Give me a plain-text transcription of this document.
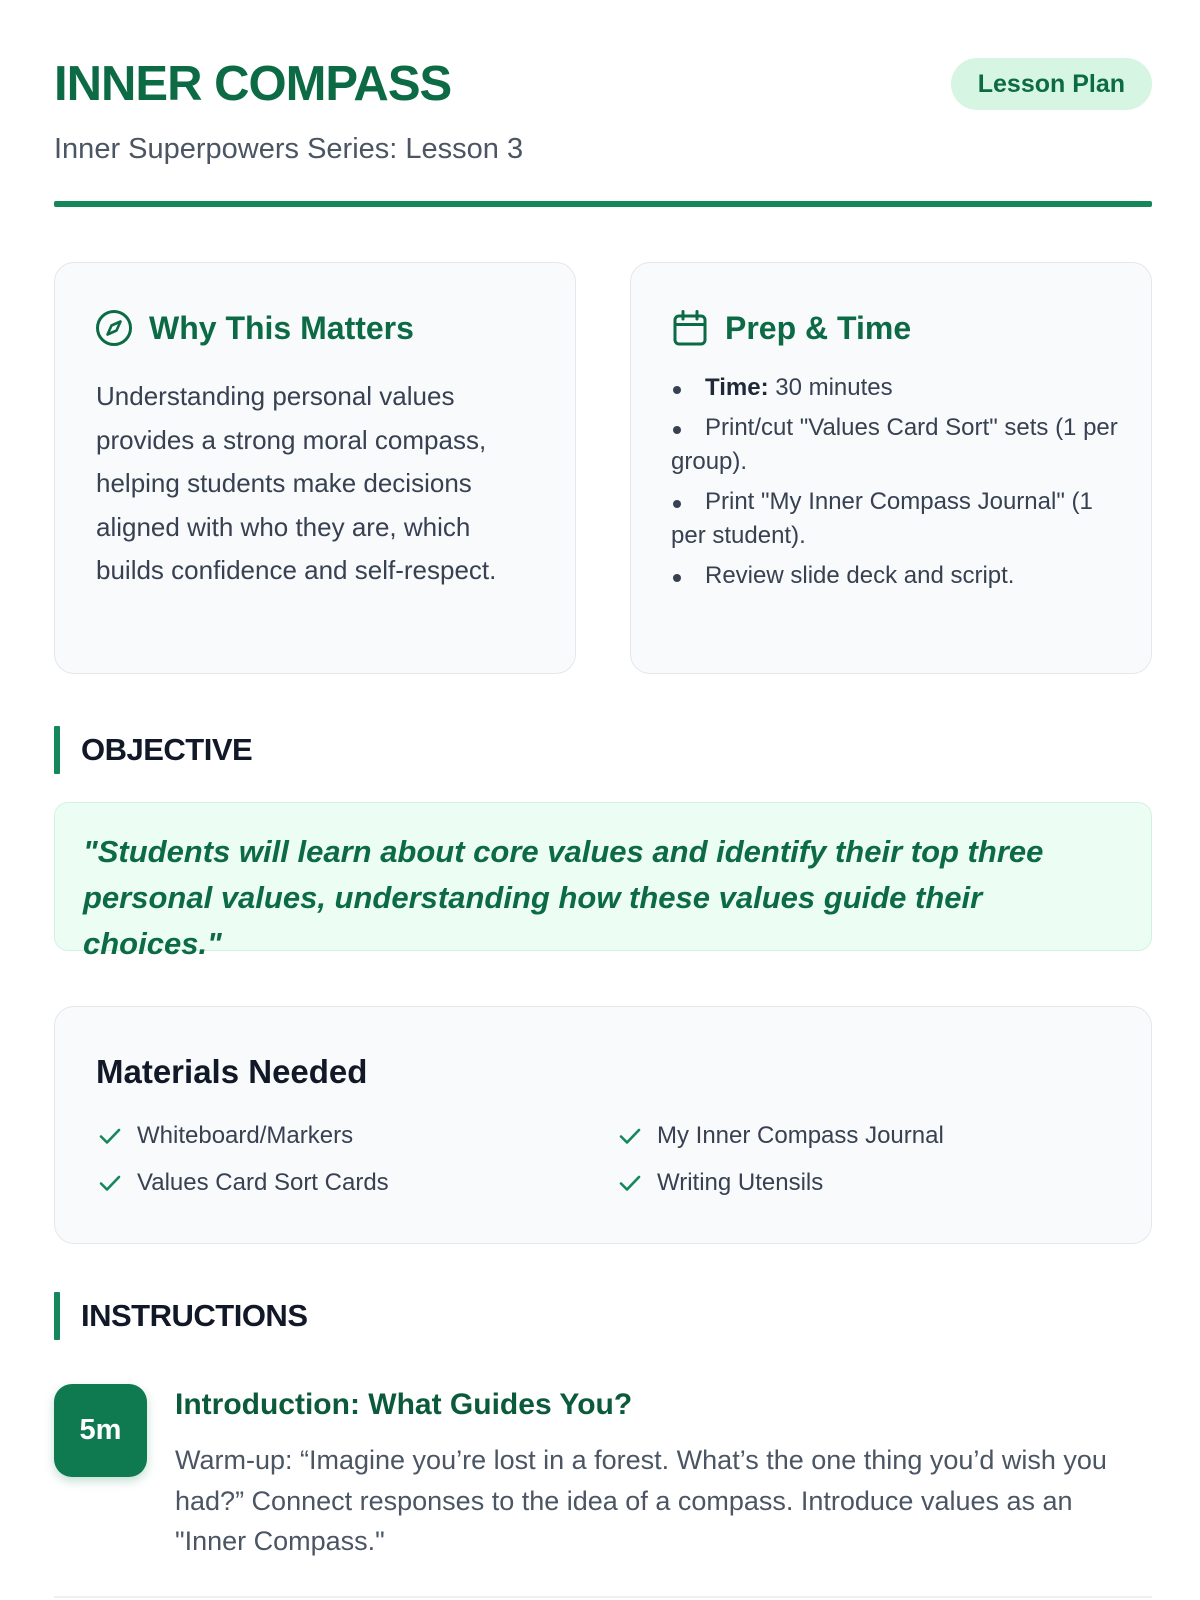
INNER COMPASS
Inner Superpowers Series: Lesson 3
Lesson Plan
Why This Matters

Understanding personal values provides a strong moral compass, helping students make decisions aligned with who they are, which builds confidence and self-respect.

Prep & Time
Time: 30 minutes
Print/cut "Values Card Sort" sets (1 per group).
Print "My Inner Compass Journal" (1 per student).
Review slide deck and script.
OBJECTIVE

"Students will learn about core values and identify their top three personal values, understanding how these values guide their choices."

Materials Needed
Whiteboard/Markers	My Inner Compass Journal
Values Card Sort Cards	Writing Utensils
INSTRUCTIONS
5m
Introduction: What Guides You?

Warm-up: “Imagine you’re lost in a forest. What’s the one thing you’d wish you had?” Connect responses to the idea of a compass. Introduce values as an "Inner Compass."
